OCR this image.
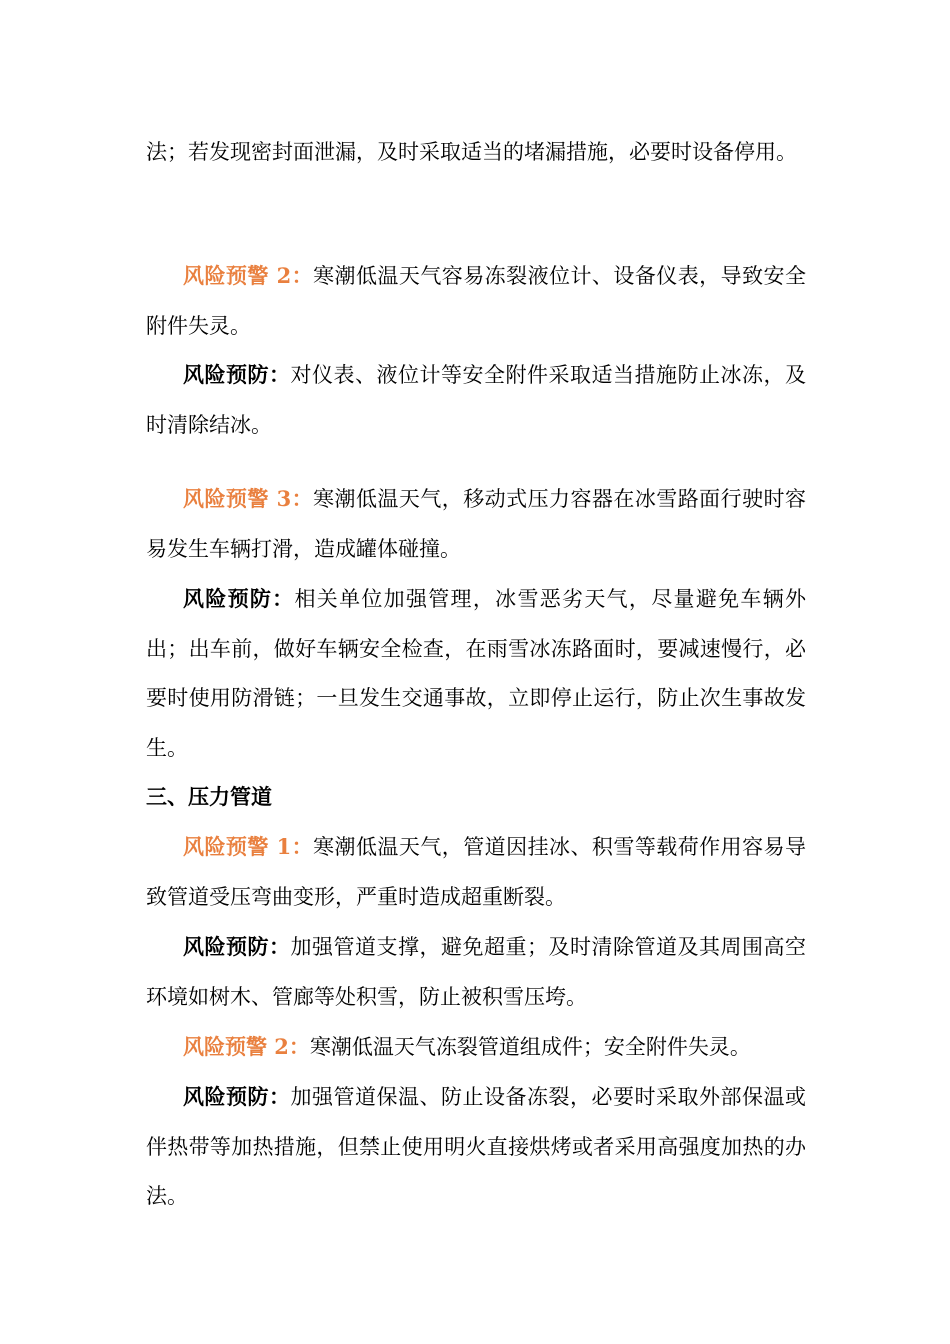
法；若发现密封面泄漏，及时采取适当的堵漏措施，必要时设备停用。

风险预警 2：寒潮低温天气容易冻裂液位计、设备仪表，导致安全附件失灵。

风险预防：对仪表、液位计等安全附件采取适当措施防止冰冻，及时清除结冰。

风险预警 3：寒潮低温天气，移动式压力容器在冰雪路面行驶时容易发生车辆打滑，造成罐体碰撞。

风险预防：相关单位加强管理，冰雪恶劣天气，尽量避免车辆外出；出车前，做好车辆安全检查，在雨雪冰冻路面时，要减速慢行，必要时使用防滑链；一旦发生交通事故，立即停止运行，防止次生事故发生。

三、压力管道

风险预警 1：寒潮低温天气，管道因挂冰、积雪等载荷作用容易导致管道受压弯曲变形，严重时造成超重断裂。

风险预防：加强管道支撑，避免超重；及时清除管道及其周围高空环境如树木、管廊等处积雪，防止被积雪压垮。

风险预警 2：寒潮低温天气冻裂管道组成件；安全附件失灵。

风险预防：加强管道保温、防止设备冻裂，必要时采取外部保温或伴热带等加热措施，但禁止使用明火直接烘烤或者采用高强度加热的办法。
